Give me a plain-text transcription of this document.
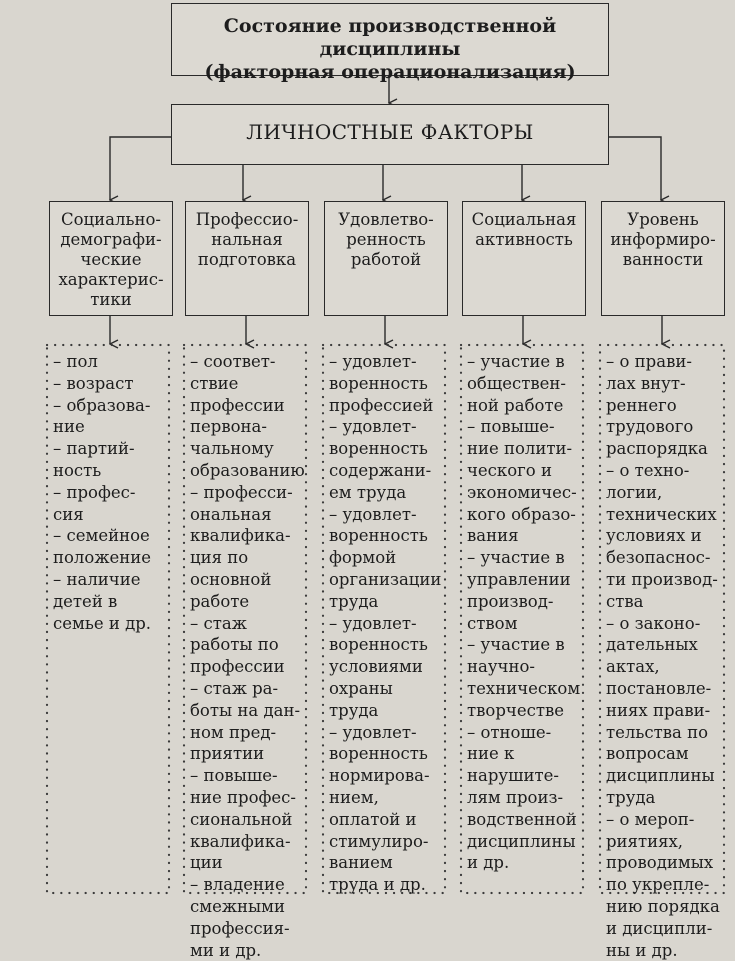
Состояние производственной дисциплины
(факторная операционализация)
ЛИЧНОСТНЫЕ ФАКТОРЫ
Социально-
демографи-
ческие
характерис-
тики
Профессио-
нальная
подготовка
Удовлетво-
ренность
работой
Социальная
активность
Уровень
информиро-
ванности
– пол
– возраст
– образова-
ние
– партий-
ность
– профес-
сия
– семейное
положение
– наличие
детей в
семье и др.
– соответ-
ствие
профессии
первона-
чальному
образованию
– професси-
ональная
квалифика-
ция по
основной
работе
– стаж
работы по
профессии
– стаж ра-
боты на дан-
ном пред-
приятии
– повыше-
ние профес-
сиональной
квалифика-
ции
– владение
смежными
профессия-
ми и др.
– удовлет-
воренность
профессией
– удовлет-
воренность
содержани-
ем труда
– удовлет-
воренность
формой
организации
труда
– удовлет-
воренность
условиями
охраны
труда
– удовлет-
воренность
нормирова-
нием,
оплатой и
стимулиро-
ванием
труда и др.
– участие в
обществен-
ной работе
– повыше-
ние полити-
ческого и
экономичес-
кого образо-
вания
– участие в
управлении
производ-
ством
– участие в
научно-
техническом
творчестве
– отноше-
ние к
нарушите-
лям произ-
водственной
дисциплины
и др.
– о прави-
лах внут-
реннего
трудового
распорядка
– о техно-
логии,
технических
условиях и
безопаснос-
ти производ-
ства
– о законо-
дательных
актах,
постановле-
ниях прави-
тельства по
вопросам
дисциплины
труда
– о мероп-
риятиях,
проводимых
по укрепле-
нию порядка
и дисципли-
ны и др.
